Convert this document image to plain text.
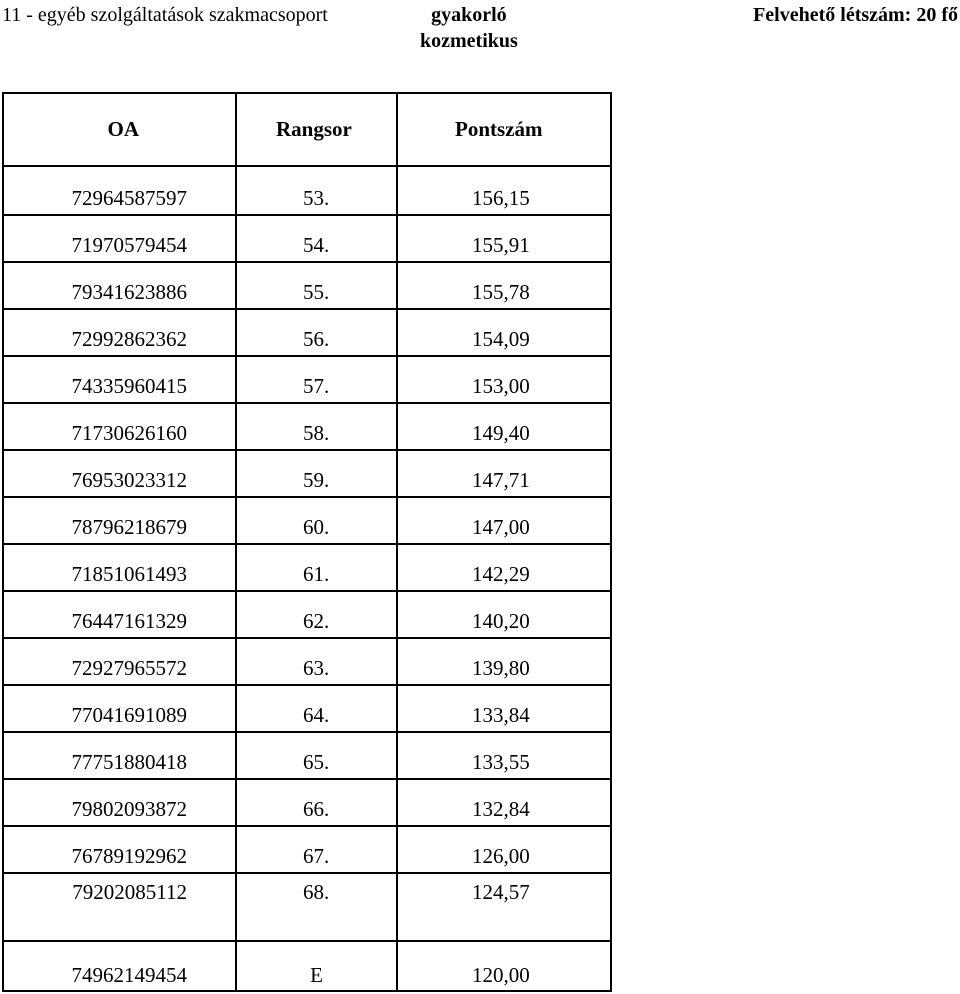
11 - egyéb szolgáltatások szakmacsoport	gyakorló
kozmetikus
Felvehető létszám: 20 fő
OA	Rangsor	Pontszám
72964587597	53.	156,15
71970579454	54.	155,91
79341623886	55.	155,78
72992862362	56.	154,09
74335960415	57.	153,00
71730626160	58.	149,40
76953023312	59.	147,71
78796218679	60.	147,00
71851061493	61.	142,29
76447161329	62.	140,20
72927965572	63.	139,80
77041691089	64.	133,84
77751880418	65.	133,55
79802093872	66.	132,84
76789192962	67.	126,00
79202085112	68.	124,57
74962149454	E	120,00
